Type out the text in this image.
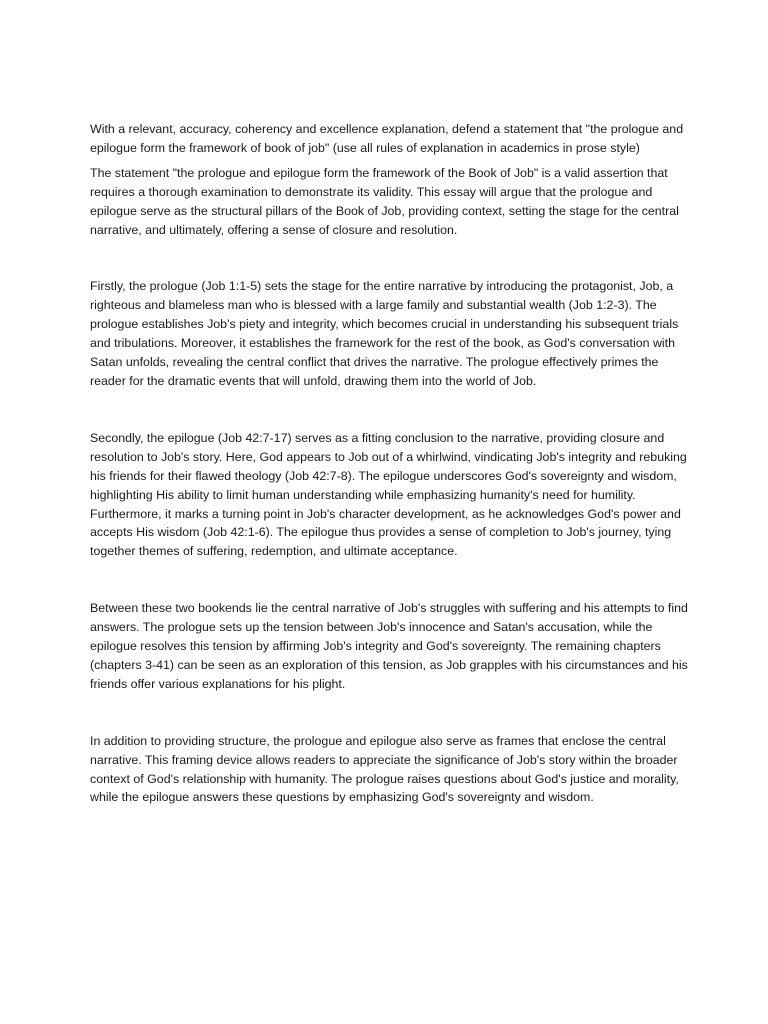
With a relevant, accuracy, coherency and excellence explanation, defend a statement that "the prologue and epilogue form the framework of book of job" (use all rules of explanation in academics in prose style)

The statement "the prologue and epilogue form the framework of the Book of Job" is a valid assertion that requires a thorough examination to demonstrate its validity. This essay will argue that the prologue and epilogue serve as the structural pillars of the Book of Job, providing context, setting the stage for the central narrative, and ultimately, offering a sense of closure and resolution.

Firstly, the prologue (Job 1:1-5) sets the stage for the entire narrative by introducing the protagonist, Job, a righteous and blameless man who is blessed with a large family and substantial wealth (Job 1:2-3). The prologue establishes Job's piety and integrity, which becomes crucial in understanding his subsequent trials and tribulations. Moreover, it establishes the framework for the rest of the book, as God's conversation with Satan unfolds, revealing the central conflict that drives the narrative. The prologue effectively primes the reader for the dramatic events that will unfold, drawing them into the world of Job.

Secondly, the epilogue (Job 42:7-17) serves as a fitting conclusion to the narrative, providing closure and resolution to Job's story. Here, God appears to Job out of a whirlwind, vindicating Job's integrity and rebuking his friends for their flawed theology (Job 42:7-8). The epilogue underscores God's sovereignty and wisdom, highlighting His ability to limit human understanding while emphasizing humanity's need for humility. Furthermore, it marks a turning point in Job's character development, as he acknowledges God's power and accepts His wisdom (Job 42:1-6). The epilogue thus provides a sense of completion to Job's journey, tying together themes of suffering, redemption, and ultimate acceptance.

Between these two bookends lie the central narrative of Job's struggles with suffering and his attempts to find answers. The prologue sets up the tension between Job's innocence and Satan's accusation, while the epilogue resolves this tension by affirming Job's integrity and God's sovereignty. The remaining chapters (chapters 3-41) can be seen as an exploration of this tension, as Job grapples with his circumstances and his friends offer various explanations for his plight.

In addition to providing structure, the prologue and epilogue also serve as frames that enclose the central narrative. This framing device allows readers to appreciate the significance of Job's story within the broader context of God's relationship with humanity. The prologue raises questions about God's justice and morality, while the epilogue answers these questions by emphasizing God's sovereignty and wisdom.
